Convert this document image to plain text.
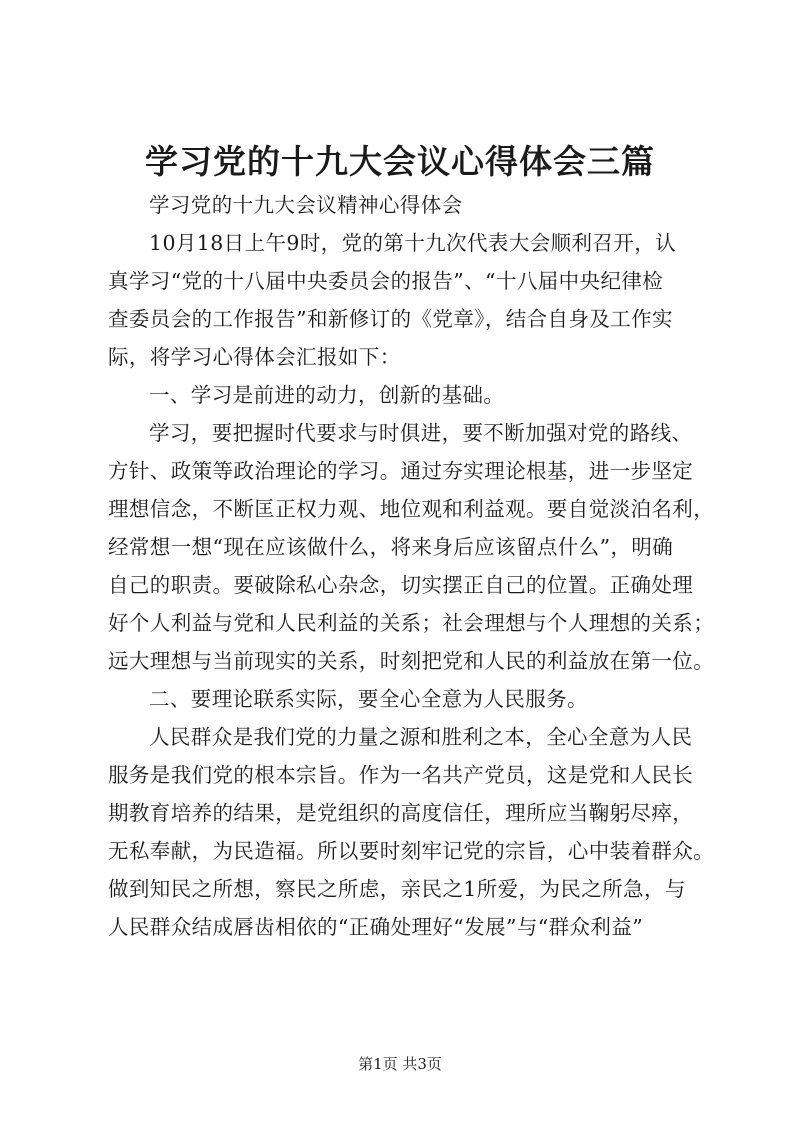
学习党的十九大会议心得体会三篇

学习党的十九大会议精神心得体会

10月18日上午9时，党的第十九次代表大会顺利召开，认
真学习“党的十八届中央委员会的报告”、“十八届中央纪律检
查委员会的工作报告”和新修订的《党章》，结合自身及工作实
际，将学习心得体会汇报如下：

一、学习是前进的动力，创新的基础。

学习，要把握时代要求与时俱进，要不断加强对党的路线、
方针、政策等政治理论的学习。通过夯实理论根基，进一步坚定
理想信念，不断匡正权力观、地位观和利益观。要自觉淡泊名利，
经常想一想“现在应该做什么，将来身后应该留点什么”，明确
自己的职责。要破除私心杂念，切实摆正自己的位置。正确处理
好个人利益与党和人民利益的关系；社会理想与个人理想的关系；
远大理想与当前现实的关系，时刻把党和人民的利益放在第一位。

二、要理论联系实际，要全心全意为人民服务。

人民群众是我们党的力量之源和胜利之本，全心全意为人民
服务是我们党的根本宗旨。作为一名共产党员，这是党和人民长
期教育培养的结果，是党组织的高度信任，理所应当鞠躬尽瘁，
无私奉献，为民造福。所以要时刻牢记党的宗旨，心中装着群众。
做到知民之所想，察民之所虑，亲民之1所爱，为民之所急，与
人民群众结成唇齿相依的“正确处理好“发展”与“群众利益”

第1页 共3页
